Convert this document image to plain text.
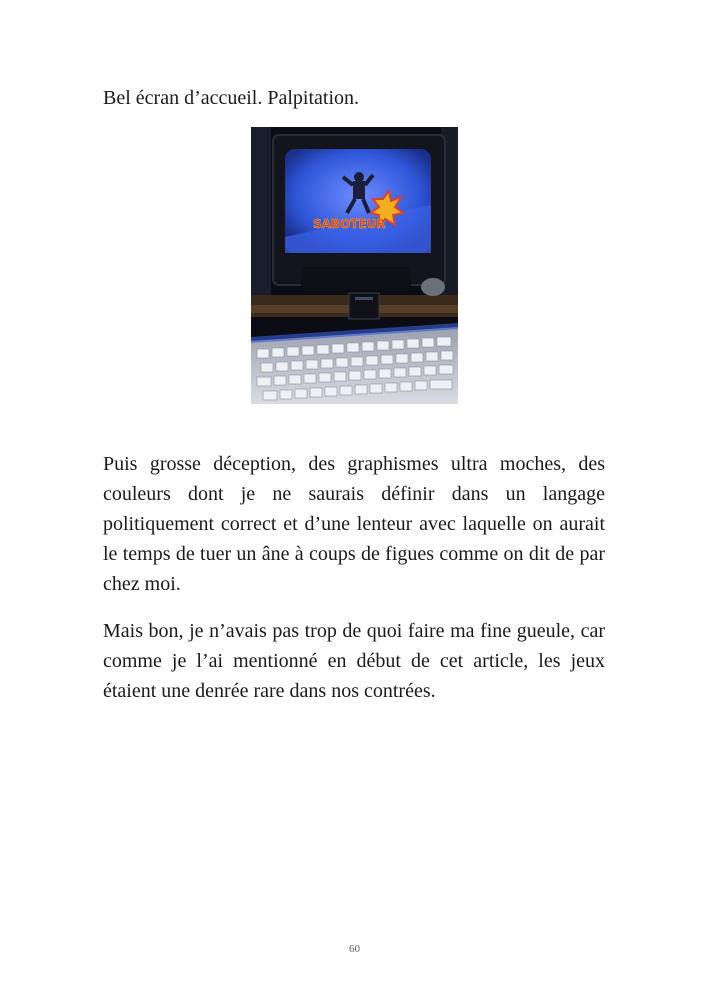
Bel écran d’accueil. Palpitation.

SABOTEUR

Puis grosse déception, des graphismes ultra moches, des couleurs dont je ne saurais définir dans un langage politiquement correct et d’une lenteur avec laquelle on aurait le temps de tuer un âne à coups de figues comme on dit de par chez moi.

Mais bon, je n’avais pas trop de quoi faire ma fine gueule, car comme je l’ai mentionné en début de cet article, les jeux étaient une denrée rare dans nos contrées.

60
